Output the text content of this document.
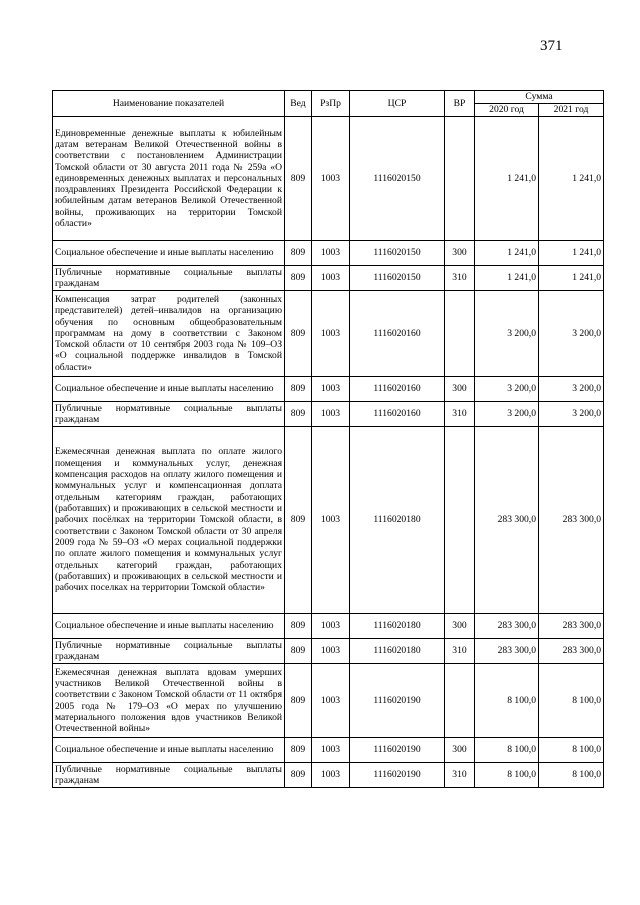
371
Наименование показателей	Вед	РзПр	ЦСР	ВР	Сумма	
					2020 год	2021 год
Единовременные денежные выплаты к юбилейным датам ветеранам Великой Отечественной войны в соответствии с постановлением Администрации Томской области от 30 августа 2011 года № 259а «О единовременных денежных выплатах и персональных поздравлениях Президента Российской Федерации к юбилейным датам ветеранов Великой Отечественной войны, проживающих на территории Томской области»	809	1003	1116020150		1 241,0	1 241,0
Социальное обеспечение и иные выплаты населению	809	1003	1116020150	300	1 241,0	1 241,0
Публичные нормативные социальные выплаты гражданам	809	1003	1116020150	310	1 241,0	1 241,0
Компенсация затрат родителей (законных представителей) детей–инвалидов на организацию обучения по основным общеобразовательным программам на дому в соответствии с Законом Томской области от 10 сентября 2003 года № 109–ОЗ «О социальной поддержке инвалидов в Томской области»	809	1003	1116020160		3 200,0	3 200,0
Социальное обеспечение и иные выплаты населению	809	1003	1116020160	300	3 200,0	3 200,0
Публичные нормативные социальные выплаты гражданам	809	1003	1116020160	310	3 200,0	3 200,0
Ежемесячная денежная выплата по оплате жилого помещения и коммунальных услуг, денежная компенсация расходов на оплату жилого помещения и коммунальных услуг и компенсационная доплата отдельным категориям граждан, работающих (работавших) и проживающих в сельской местности и рабочих посёлках на территории Томской области, в соответствии с Законом Томской области от 30 апреля 2009 года № 59–ОЗ «О мерах социальной поддержки по оплате жилого помещения и коммунальных услуг отдельных категорий граждан, работающих (работавших) и проживающих в сельской местности и рабочих поселках на территории Томской области»	809	1003	1116020180		283 300,0	283 300,0
Социальное обеспечение и иные выплаты населению	809	1003	1116020180	300	283 300,0	283 300,0
Публичные нормативные социальные выплаты гражданам	809	1003	1116020180	310	283 300,0	283 300,0
Ежемесячная денежная выплата вдовам умерших участников Великой Отечественной войны в соответствии с Законом Томской области от 11 октября 2005 года № 179–ОЗ «О мерах по улучшению материального положения вдов участников Великой Отечественной войны»	809	1003	1116020190		8 100,0	8 100,0
Социальное обеспечение и иные выплаты населению	809	1003	1116020190	300	8 100,0	8 100,0
Публичные нормативные социальные выплаты гражданам	809	1003	1116020190	310	8 100,0	8 100,0
